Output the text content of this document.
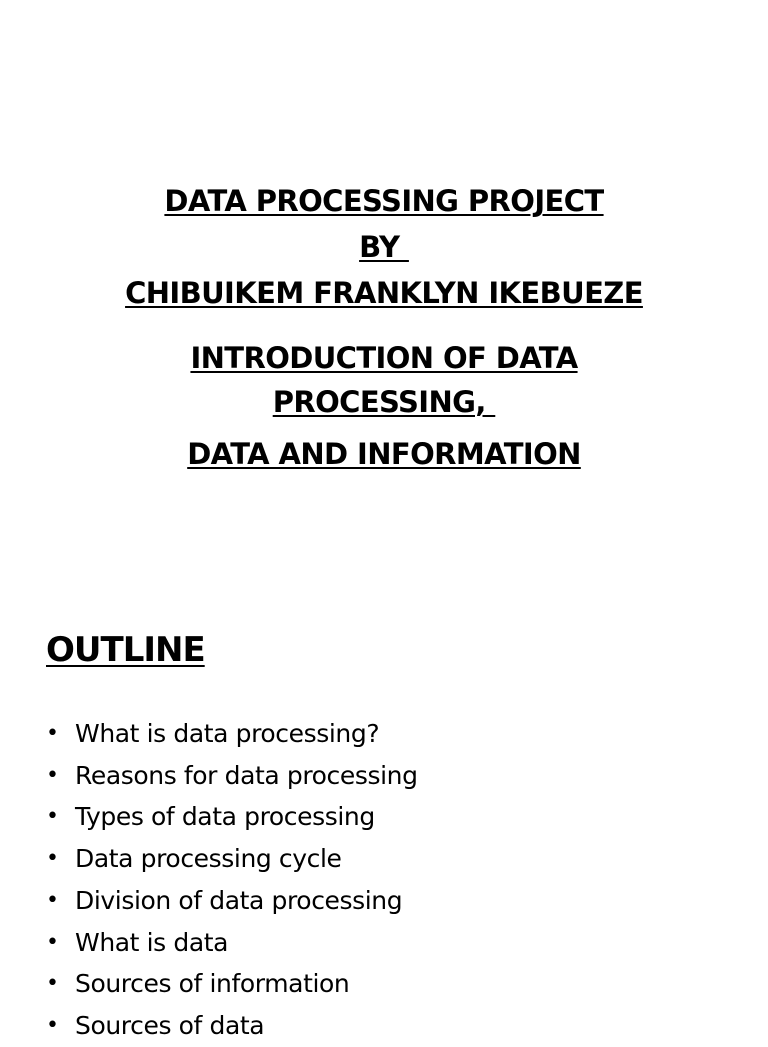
DATA PROCESSING PROJECT
BY
CHIBUIKEM FRANKLYN IKEBUEZE
INTRODUCTION OF DATA
PROCESSING,
DATA AND INFORMATION
OUTLINE
• What is data processing?
• Reasons for data processing
• Types of data processing
• Data processing cycle
• Division of data processing
• What is data
• Sources of information
• Sources of data
